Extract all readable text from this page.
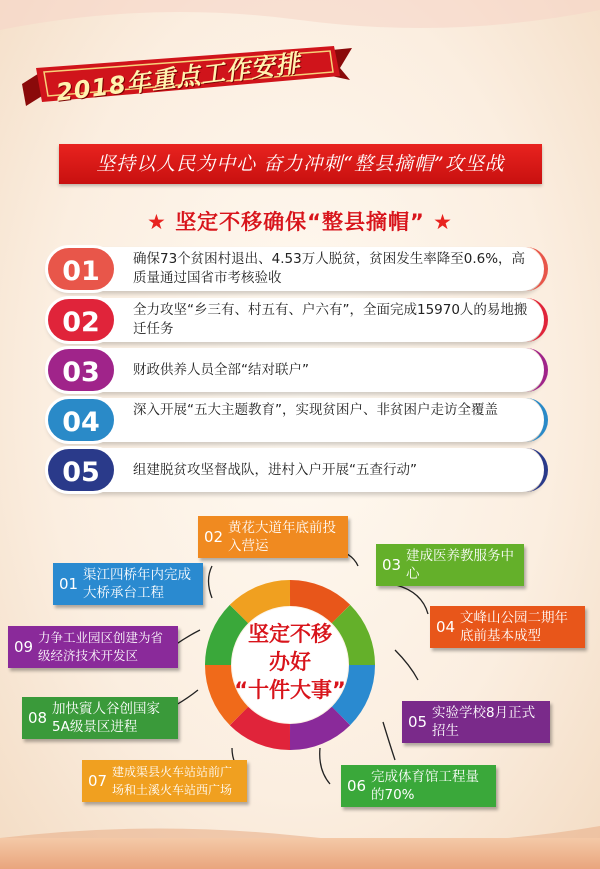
2018年重点工作安排
坚持以人民为中心 奋力冲刺“整县摘帽”攻坚战
★ 坚定不移确保“整县摘帽” ★
01	确保73个贫困村退出、4.53万人脱贫，贫困发生率降至0.6%，高质量通过国省市考核验收
02	全力攻坚“乡三有、村五有、户六有”，全面完成15970人的易地搬迁任务
03	财政供养人员全部“结对联户”
04	深入开展“五大主题教育”，实现贫困户、非贫困户走访全覆盖
05	组建脱贫攻坚督战队，进村入户开展“五查行动”
坚定不移
办好
“十件大事”
01 渠江四桥年内完成大桥承台工程
02 黄花大道年底前投入营运
03 建成医养教服务中心
04 文峰山公园二期年底前基本成型
05 实验学校8月正式招生
06 完成体育馆工程量的70%
07 建成渠县火车站站前广场和土溪火车站西广场
08 加快賨人谷创国家5A级景区进程
09
力争工业园区创建为省级经济技术开发区
